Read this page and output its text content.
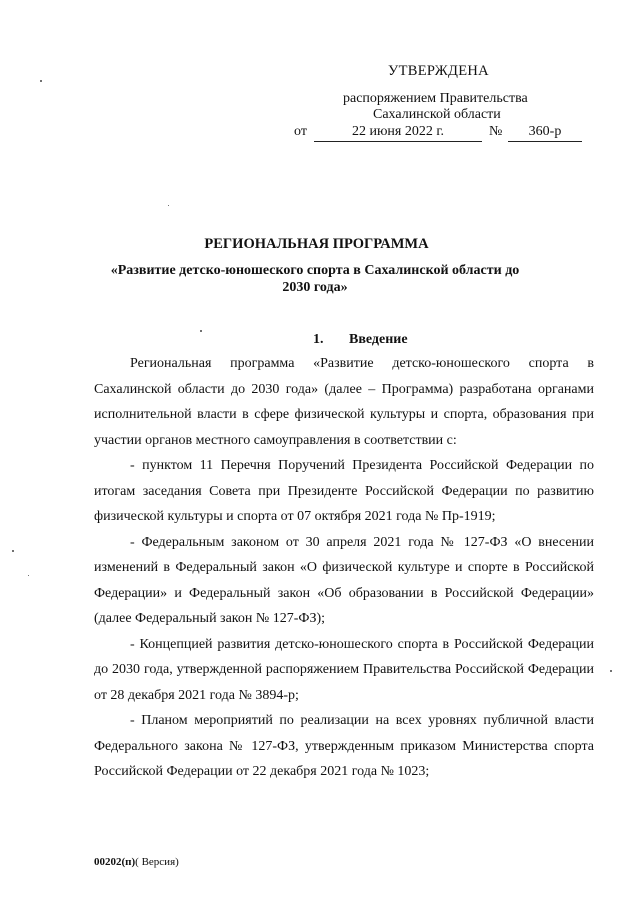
УТВЕРЖДЕНА
распоряжением Правительства
Сахалинской области
от	22 июня 2022 г.	№	360-р
РЕГИОНАЛЬНАЯ ПРОГРАММА
«Развитие детско-юношеского спорта в Сахалинской области до 2030 года»
1. Введение

Региональная программа «Развитие детско-юношеского спорта в Сахалинской области до 2030 года» (далее – Программа) разработана органами исполнительной власти в сфере физической культуры и спорта, образования при участии органов местного самоуправления в соответствии с:

- пунктом 11 Перечня Поручений Президента Российской Федерации по итогам заседания Совета при Президенте Российской Федерации по развитию физической культуры и спорта от 07 октября 2021 года № Пр-1919;

- Федеральным законом от 30 апреля 2021 года № 127-ФЗ «О внесении изменений в Федеральный закон «О физической культуре и спорте в Российской Федерации» и Федеральный закон «Об образовании в Российской Федерации» (далее Федеральный закон № 127-ФЗ);

- Концепцией развития детско-юношеского спорта в Российской Федерации до 2030 года, утвержденной распоряжением Правительства Российской Федерации от 28 декабря 2021 года № 3894-р;

- Планом мероприятий по реализации на всех уровнях публичной власти Федерального закона № 127-ФЗ, утвержденным приказом Министерства спорта Российской Федерации от 22 декабря 2021 года № 1023;

00202(п)( Версия)
